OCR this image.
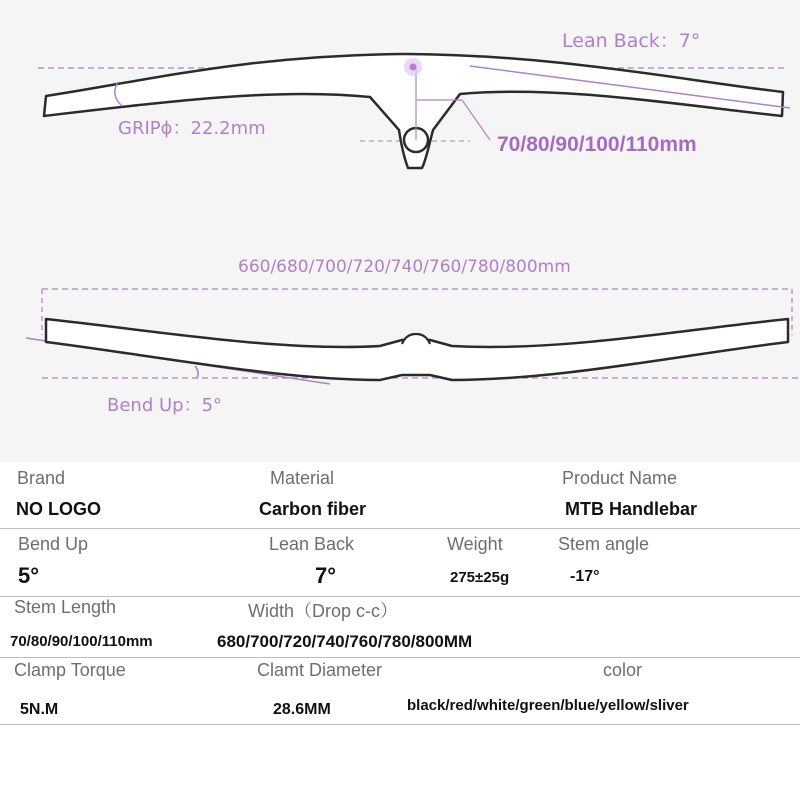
Lean Back：7°
GRIPϕ：22.2mm
70/80/90/100/110mm
660/680/700/720/740/760/780/800mm
Bend Up：5°
Brand	Material	Product Name
NO LOGO	Carbon fiber	MTB Handlebar
Bend Up	Lean Back	Weight	Stem angle
5°	7°	275±25g	-17°
Stem Length	Width（Drop c-c）
70/80/90/100/110mm	680/700/720/740/760/780/800MM
Clamp Torque	Clamt Diameter	color
5N.M	28.6MM	black/red/white/green/blue/yellow/sliver
